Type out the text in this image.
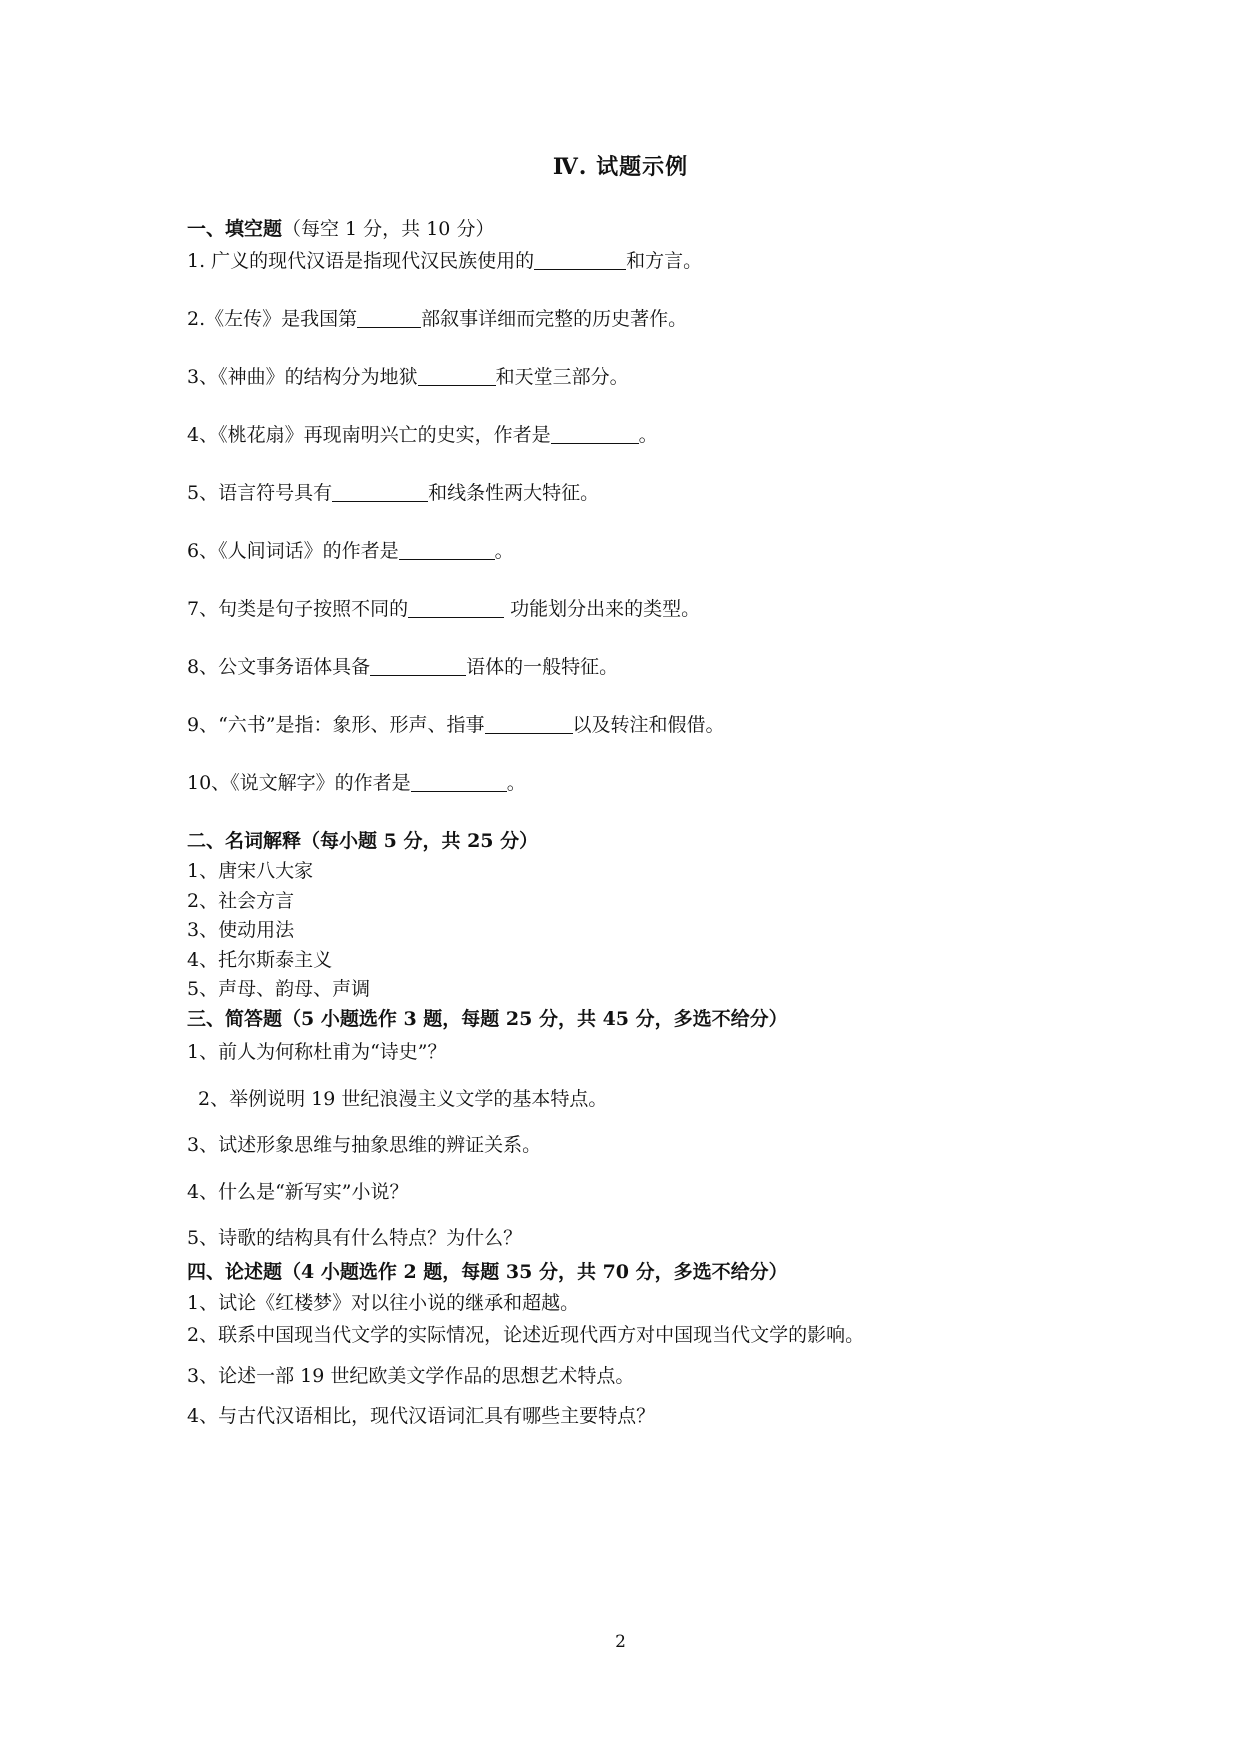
Ⅳ. 试题示例
一、填空题（每空 1 分，共 10 分）
1. 广义的现代汉语是指现代汉民族使用的	和方言。
2.《左传》是我国第	部叙事详细而完整的历史著作。
3、《神曲》的结构分为地狱	和天堂三部分。
4、《桃花扇》再现南明兴亡的史实，作者是	。
5、语言符号具有	和线条性两大特征。
6、《人间词话》的作者是	。
7、句类是句子按照不同的	功能划分出来的类型。
8、公文事务语体具备	语体的一般特征。
9、“六书”是指：象形、形声、指事	以及转注和假借。
10、《说文解字》的作者是	。
二、名词解释（每小题 5 分，共 25 分）
1、唐宋八大家
2、社会方言
3、使动用法
4、托尔斯泰主义
5、声母、韵母、声调
三、简答题（5 小题选作 3 题，每题 25 分，共 45 分，多选不给分）
1、前人为何称杜甫为“诗史”？
2、举例说明 19 世纪浪漫主义文学的基本特点。
3、试述形象思维与抽象思维的辨证关系。
4、什么是“新写实”小说？
5、诗歌的结构具有什么特点？为什么？
四、论述题（4 小题选作 2 题，每题 35 分，共 70 分，多选不给分）
1、试论《红楼梦》对以往小说的继承和超越。
2、联系中国现当代文学的实际情况，论述近现代西方对中国现当代文学的影响。
3、论述一部 19 世纪欧美文学作品的思想艺术特点。
4、与古代汉语相比，现代汉语词汇具有哪些主要特点？
2
